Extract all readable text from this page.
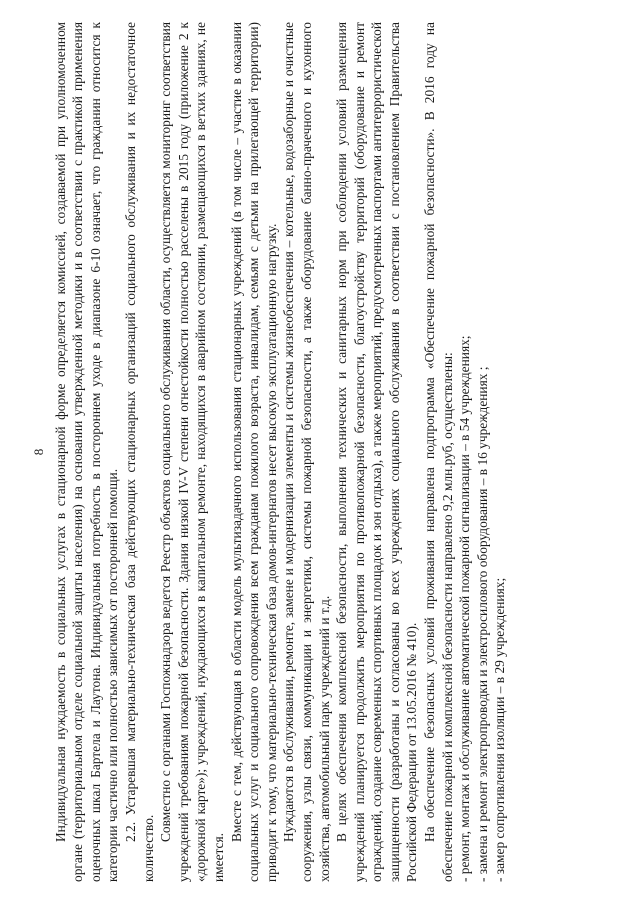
8 Индивидуальная нуждаемость в социальных услугах в стационарной форме определяется комиссией, создаваемой при уполномоченном органе (территориальном отделе социальной защиты населения) на основании утвержденной методики и в соответствии с практикой применения оценочных шкал Бартела и Лаутона. Индивидуальная потребность в постороннем уходе в диапазоне 6-10 означает, что гражданин относится к категории частично или полностью зависимых от посторонней помощи. 2.2. Устаревшая материально-техническая база действующих стационарных организаций социального обслуживания и их недостаточное количество.

Совместно с органами Госпожнадзора ведется Реестр объектов социального обслуживания области, осуществляется мониторинг соответствия учреждений требованиям пожарной безопасности. Здания низкой IV-V степени огнестойкости полностью расселены в 2015 году (приложение 2 к «дорожной карте»); учреждений, нуждающихся в капитальном ремонте, находящихся в аварийном состоянии, размещающихся в ветхих зданиях, не имеется.

Вместе с тем, действующая в области модель мультизадачного использования стационарных учреждений (в том числе – участие в оказании социальных услуг и социального сопровождения всем гражданам пожилого возраста, инвалидам, семьям с детьми на прилегающей территории) приводит к тому, что материально-техническая база домов-интернатов несет высокую эксплуатационную нагрузку. Нуждаются в обслуживании, ремонте, замене и модернизации элементы и системы жизнеобеспечения – котельные, водозаборные и очистные сооружения, узлы связи, коммуникации и энергетики, системы пожарной безопасности, а также оборудование банно-прачечного и кухонного хозяйства, автомобильный парк учреждений и т.д. В целях обеспечения комплексной безопасности, выполнения технических и санитарных норм при соблюдении условий размещения учреждений планируется продолжить мероприятия по противопожарной безопасности, благоустройству территорий (оборудование и ремонт ограждений, создание современных спортивных площадок и зон отдыха), а также мероприятий, предусмотренных паспортами антитеррористической защищенности (разработаны и согласованы во всех учреждениях социального обслуживания в соответствии с постановлением Правительства Российской Федерации от 13.05.2016 № 410). На обеспечение безопасных условий проживания направлена подпрограмма «Обеспечение пожарной безопасности». В 2016 году на обеспечение пожарной и комплексной безопасности направлено 9,2 млн.руб, осуществлены: - ремонт, монтаж и обслуживание автоматической пожарной сигнализации – в 54 учреждениях; - замена и ремонт электропроводки и электросилового оборудования – в 16 учреждениях ; - замер сопротивления изоляции – в 29 учреждениях;
